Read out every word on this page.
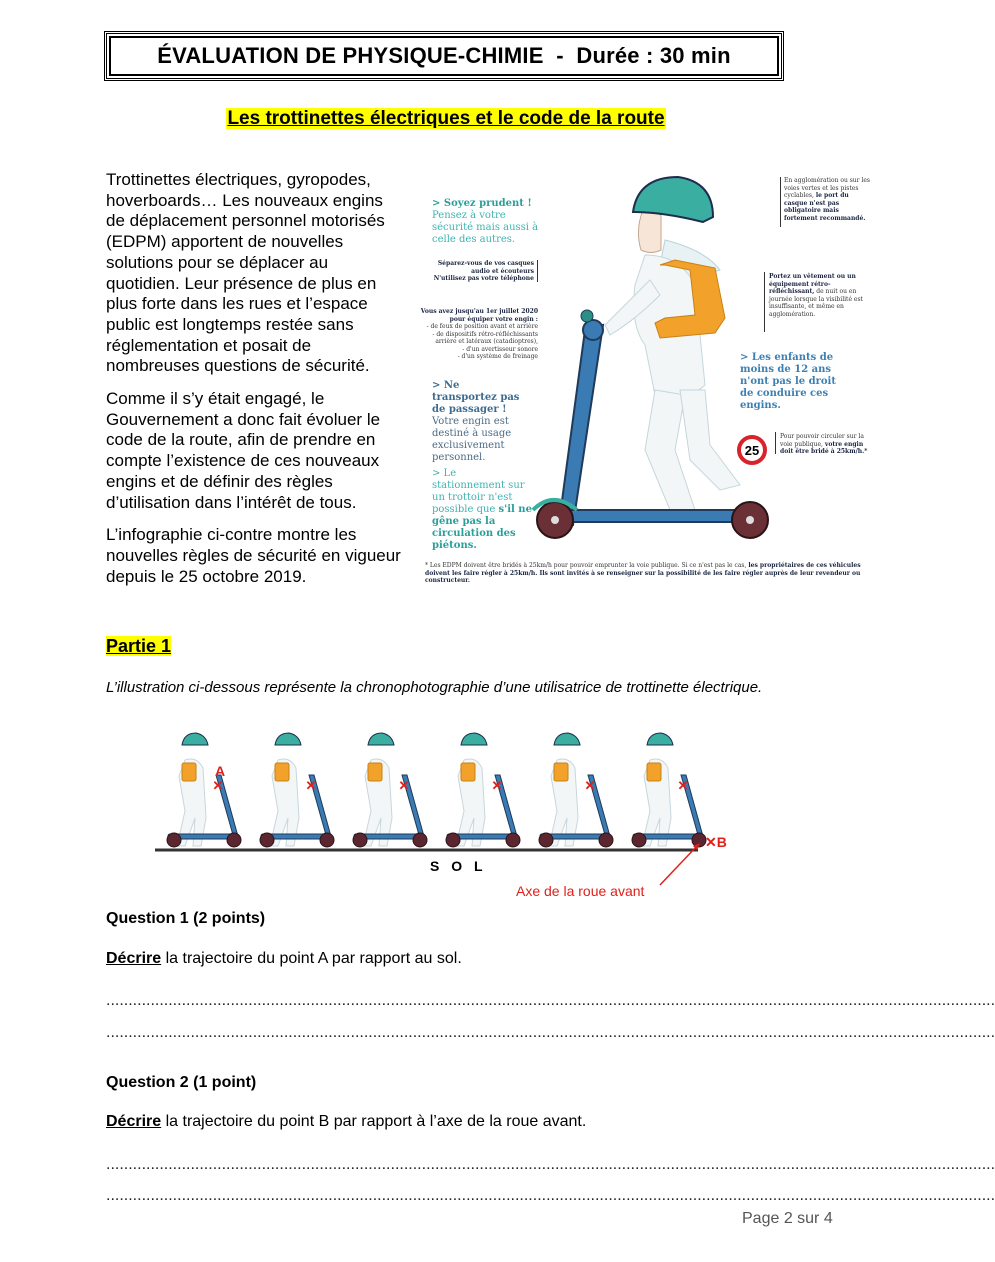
ÉVALUATION DE PHYSIQUE-CHIMIE  -  Durée : 30 min
Les trottinettes électriques et le code de la route

Trottinettes électriques, gyropodes, hoverboards… Les nouveaux engins de déplacement personnel motorisés (EDPM) apportent de nouvelles solutions pour se déplacer au quotidien. Leur présence de plus en plus forte dans les rues et l’espace public est longtemps restée sans réglementation et posait de nombreuses questions de sécurité.

Comme il s’y était engagé, le Gouvernement a donc fait évoluer le code de la route, afin de prendre en compte l’existence de ces nouveaux engins et de définir des règles d’utilisation dans l’intérêt de tous.

L’infographie ci-contre montre les nouvelles règles de sécurité en vigueur depuis le 25 octobre 2019.

25
> Soyez prudent !
Pensez à votre sécurité mais aussi à celle des autres.
Séparez-vous de vos casques
audio et écouteurs
N'utilisez pas votre téléphone
Vous avez jusqu'au 1er juillet 2020
pour équiper votre engin :
- de feux de position avant et arrière
- de dispositifs rétro-réfléchissants
arrière et latéraux (catadioptres),
- d'un avertisseur sonore
- d'un système de freinage
> Ne transportez pas de passager !
Votre engin est destiné à usage exclusivement personnel.
> Le stationnement sur un trottoir n'est possible que s'il ne gêne pas la circulation des piétons.
En agglomération ou sur les voies vertes et les pistes cyclables, le port du casque n'est pas obligatoire mais fortement recommandé.
Portez un vêtement ou un équipement rétro-réfléchissant, de nuit ou en journée lorsque la visibilité est insuffisante, et même en agglomération.
> Les enfants de moins de 12 ans n'ont pas le droit de conduire ces engins.
Pour pouvoir circuler sur la voie publique, votre engin doit être bridé à 25km/h.*
* Les EDPM doivent être bridés à 25km/h pour pouvoir emprunter la voie publique. Si ce n'est pas le cas, les propriétaires de ces véhicules doivent les faire régler à 25km/h. Ils sont invités à se renseigner sur la possibilité de les faire régler auprès de leur revendeur ou constructeur.
Partie 1
L’illustration ci-dessous représente la chronophotographie d’une utilisatrice de trottinette électrique.
✕	✕	✕	✕	✕	✕
A
✕B
S O L
Axe de la roue avant
Question 1 (2 points)
Décrire la trajectoire du point A par rapport au sol.
........................................................................................................................................................................................................
........................................................................................................................................................................................................
Question 2 (1 point)
Décrire la trajectoire du point B par rapport à l’axe de la roue avant.
........................................................................................................................................................................................................
........................................................................................................................................................................................................
Page 2 sur 4
